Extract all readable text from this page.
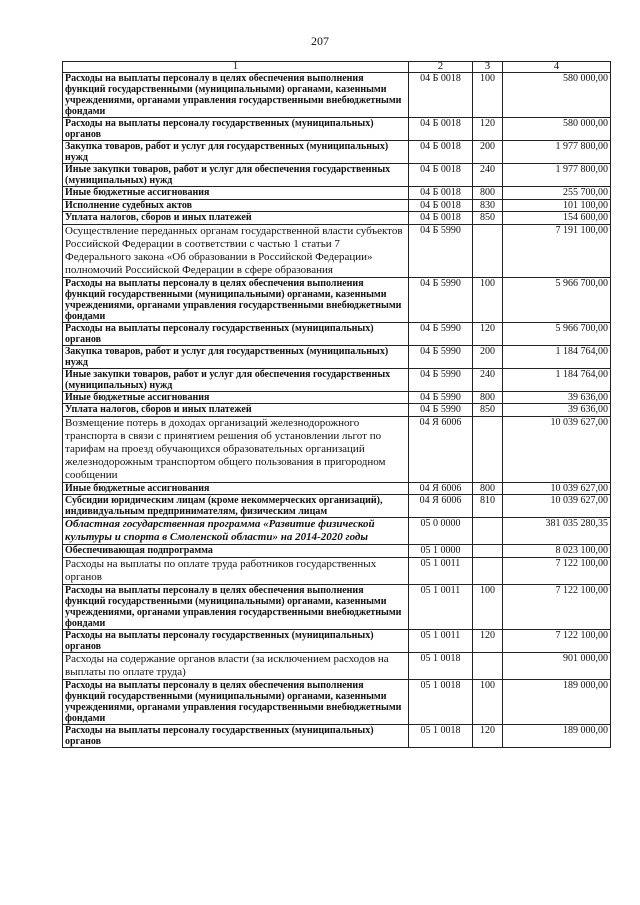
207
1	2	3	4
Расходы на выплаты персоналу в целях обеспечения выполнения функций государственными (муниципальными) органами, казенными учреждениями, органами управления государственными внебюджетными фондами	04 Б 0018	100	580 000,00
Расходы на выплаты персоналу государственных (муниципальных) органов	04 Б 0018	120	580 000,00
Закупка товаров, работ и услуг для государственных (муниципальных) нужд	04 Б 0018	200	1 977 800,00
Иные закупки товаров, работ и услуг для обеспечения государственных (муниципальных) нужд	04 Б 0018	240	1 977 800,00
Иные бюджетные ассигнования	04 Б 0018	800	255 700,00
Исполнение судебных актов	04 Б 0018	830	101 100,00
Уплата налогов, сборов и иных платежей	04 Б 0018	850	154 600,00
Осуществление переданных органам государственной власти субъектов Российской Федерации в соответствии с частью 1 статьи 7 Федерального закона «Об образовании в Российской Федерации» полномочий Российской Федерации в сфере образования	04 Б 5990		7 191 100,00
Расходы на выплаты персоналу в целях обеспечения выполнения функций государственными (муниципальными) органами, казенными учреждениями, органами управления государственными внебюджетными фондами	04 Б 5990	100	5 966 700,00
Расходы на выплаты персоналу государственных (муниципальных) органов	04 Б 5990	120	5 966 700,00
Закупка товаров, работ и услуг для государственных (муниципальных) нужд	04 Б 5990	200	1 184 764,00
Иные закупки товаров, работ и услуг для обеспечения государственных (муниципальных) нужд	04 Б 5990	240	1 184 764,00
Иные бюджетные ассигнования	04 Б 5990	800	39 636,00
Уплата налогов, сборов и иных платежей	04 Б 5990	850	39 636,00
Возмещение потерь в доходах организаций железнодорожного транспорта в связи с принятием решения об установлении льгот по тарифам на проезд обучающихся образовательных организаций железнодорожным транспортом общего пользования в пригородном сообщении	04 Я 6006		10 039 627,00
Иные бюджетные ассигнования	04 Я 6006	800	10 039 627,00
Субсидии юридическим лицам (кроме некоммерческих организаций), индивидуальным предпринимателям, физическим лицам	04 Я 6006	810	10 039 627,00
Областная государственная программа «Развитие физической культуры и спорта в Смоленской области» на 2014-2020 годы	05 0 0000		381 035 280,35
Обеспечивающая подпрограмма	05 1 0000		8 023 100,00
Расходы на выплаты по оплате труда работников государственных органов	05 1 0011		7 122 100,00
Расходы на выплаты персоналу в целях обеспечения выполнения функций государственными (муниципальными) органами, казенными учреждениями, органами управления государственными внебюджетными фондами	05 1 0011	100	7 122 100,00
Расходы на выплаты персоналу государственных (муниципальных) органов	05 1 0011	120	7 122 100,00
Расходы на содержание органов власти (за исключением расходов на выплаты по оплате труда)	05 1 0018		901 000,00
Расходы на выплаты персоналу в целях обеспечения выполнения функций государственными (муниципальными) органами, казенными учреждениями, органами управления государственными внебюджетными фондами	05 1 0018	100	189 000,00
Расходы на выплаты персоналу государственных (муниципальных) органов	05 1 0018	120	189 000,00
